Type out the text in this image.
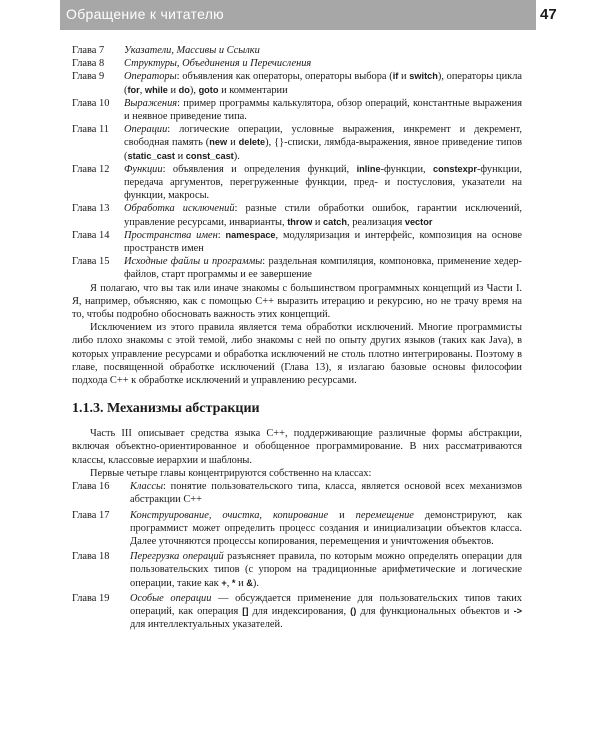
Обращение к читателю	47
Глава 7	Указатели, Массивы и Ссылки
Глава 8	Структуры, Объединения и Перечисления
Глава 9	Операторы: объявления как операторы, операторы выбора (if и switch), операторы цикла (for, while и do), goto и комментарии
Глава 10	Выражения: пример программы калькулятора, обзор операций, константные выражения и неявное приведение типа.
Глава 11	Операции: логические операции, условные выражения, инкремент и декремент, свободная память (new и delete), {}-списки, лямбда-выражения, явное приведение типов (static_cast и const_cast).
Глава 12	Функции: объявления и определения функций, inline-функции, constexpr-функции, передача аргументов, перегруженные функции, пред- и постусловия, указатели на функции, макросы.
Глава 13	Обработка исключений: разные стили обработки ошибок, гарантии исключений, управление ресурсами, инварианты, throw и catch, реализация vector
Глава 14	Пространства имен: namespace, модуляризация и интерфейс, композиция на основе пространств имен
Глава 15	Исходные файлы и программы: раздельная компиляция, компоновка, применение хедер-файлов, старт программы и ее завершение

Я полагаю, что вы так или иначе знакомы с большинством программных концепций из Части I. Я, например, объясняю, как с помощью C++ выразить итерацию и рекурсию, но не трачу время на то, чтобы подробно обосновать важность этих концепций.

Исключением из этого правила является тема обработки исключений. Многие программисты либо плохо знакомы с этой темой, либо знакомы с ней по опыту других языков (таких как Java), в которых управление ресурсами и обработка исключений не столь плотно интегрированы. Поэтому в главе, посвященной обработке исключений (Глава 13), я излагаю базовые основы философии подхода C++ к обработке исключений и управлению ресурсами.

1.1.3. Механизмы абстракции

Часть III описывает средства языка C++, поддерживающие различные формы абстракции, включая объектно-ориентированное и обобщенное программирование. В них рассматриваются классы, классовые иерархии и шаблоны.

Первые четыре главы концентрируются собственно на классах:

Глава 16	Классы: понятие пользовательского типа, класса, является основой всех механизмов абстракции C++
Глава 17	Конструирование, очистка, копирование и перемещение демонстрируют, как программист может определить процесс создания и инициализации объектов класса. Далее уточняются процессы копирования, перемещения и уничтожения объектов.
Глава 18	Перегрузка операций разъясняет правила, по которым можно определять операции для пользовательских типов (с упором на традиционные арифметические и логические операции, такие как +, * и &).
Глава 19	Особые операции — обсуждается применение для пользовательских типов таких операций, как операция [] для индексирования, () для функциональных объектов и -> для интеллектуальных указателей.
